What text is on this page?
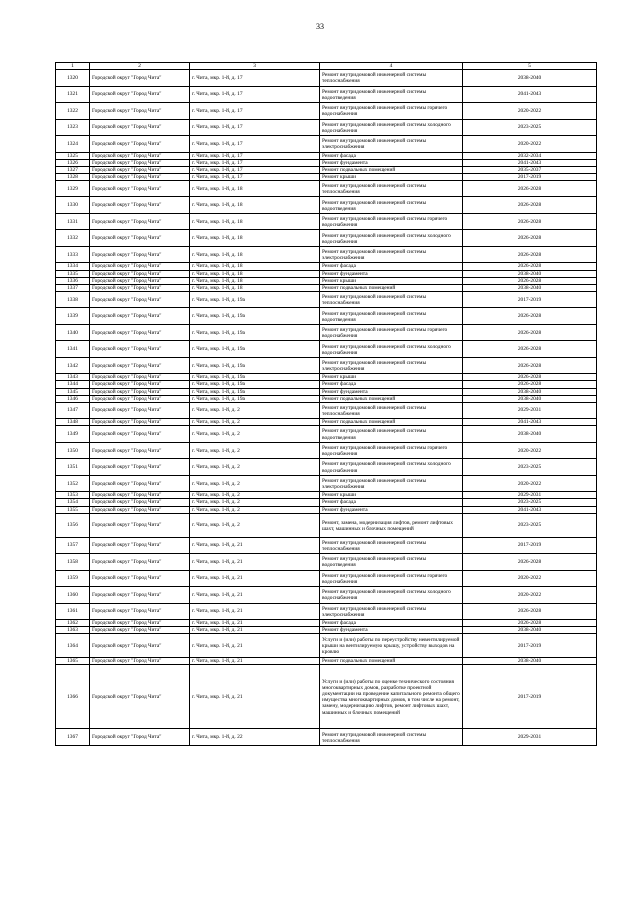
33
1	2	3	4	5
1320	Городской округ "Город Чита"	г. Чита, мкр. 1-й, д. 17	Ремонт внутридомовой инженерной системы теплоснабжения	2038-2040
1321	Городской округ "Город Чита"	г. Чита, мкр. 1-й, д. 17	Ремонт внутридомовой инженерной системы водоотведения	2041-2043
1322	Городской округ "Город Чита"	г. Чита, мкр. 1-й, д. 17	Ремонт внутридомовой инженерной системы горячего водоснабжения	2020-2022
1323	Городской округ "Город Чита"	г. Чита, мкр. 1-й, д. 17	Ремонт внутридомовой инженерной системы холодного водоснабжения	2023-2025
1324	Городской округ "Город Чита"	г. Чита, мкр. 1-й, д. 17	Ремонт внутридомовой инженерной системы электроснабжения	2020-2022
1325	Городской округ "Город Чита"	г. Чита, мкр. 1-й, д. 17	Ремонт фасада	2032-2034
1326	Городской округ "Город Чита"	г. Чита, мкр. 1-й, д. 17	Ремонт фундамента	2041-2043
1327	Городской округ "Город Чита"	г. Чита, мкр. 1-й, д. 17	Ремонт подвальных помещений	2035-2037
1328	Городской округ "Город Чита"	г. Чита, мкр. 1-й, д. 17	Ремонт крыши	2017-2019
1329	Городской округ "Город Чита"	г. Чита, мкр. 1-й, д. 18	Ремонт внутридомовой инженерной системы теплоснабжения	2026-2028
1330	Городской округ "Город Чита"	г. Чита, мкр. 1-й, д. 18	Ремонт внутридомовой инженерной системы водоотведения	2026-2028
1331	Городской округ "Город Чита"	г. Чита, мкр. 1-й, д. 18	Ремонт внутридомовой инженерной системы горячего водоснабжения	2026-2028
1332	Городской округ "Город Чита"	г. Чита, мкр. 1-й, д. 18	Ремонт внутридомовой инженерной системы холодного водоснабжения	2026-2028
1333	Городской округ "Город Чита"	г. Чита, мкр. 1-й, д. 18	Ремонт внутридомовой инженерной системы электроснабжения	2026-2028
1334	Городской округ "Город Чита"	г. Чита, мкр. 1-й, д. 18	Ремонт фасада	2026-2028
1335	Городской округ "Город Чита"	г. Чита, мкр. 1-й, д. 18	Ремонт фундамента	2038-2040
1336	Городской округ "Город Чита"	г. Чита, мкр. 1-й, д. 18	Ремонт крыши	2026-2028
1337	Городской округ "Город Чита"	г. Чита, мкр. 1-й, д. 18	Ремонт подвальных помещений	2038-2040
1338	Городской округ "Город Чита"	г. Чита, мкр. 1-й, д. 19а	Ремонт внутридомовой инженерной системы теплоснабжения	2017-2019
1339	Городской округ "Город Чита"	г. Чита, мкр. 1-й, д. 19а	Ремонт внутридомовой инженерной системы водоотведения	2026-2028
1340	Городской округ "Город Чита"	г. Чита, мкр. 1-й, д. 19а	Ремонт внутридомовой инженерной системы горячего водоснабжения	2026-2028
1341	Городской округ "Город Чита"	г. Чита, мкр. 1-й, д. 19а	Ремонт внутридомовой инженерной системы холодного водоснабжения	2026-2028
1342	Городской округ "Город Чита"	г. Чита, мкр. 1-й, д. 19а	Ремонт внутридомовой инженерной системы электроснабжения	2026-2028
1343	Городской округ "Город Чита"	г. Чита, мкр. 1-й, д. 19а	Ремонт крыши	2026-2028
1344	Городской округ "Город Чита"	г. Чита, мкр. 1-й, д. 19а	Ремонт фасада	2026-2028
1345	Городской округ "Город Чита"	г. Чита, мкр. 1-й, д. 19а	Ремонт фундамента	2038-2040
1346	Городской округ "Город Чита"	г. Чита, мкр. 1-й, д. 19а	Ремонт подвальных помещений	2038-2040
1347	Городской округ "Город Чита"	г. Чита, мкр. 1-й, д. 2	Ремонт внутридомовой инженерной системы теплоснабжения	2029-2031
1348	Городской округ "Город Чита"	г. Чита, мкр. 1-й, д. 2	Ремонт подвальных помещений	2041-2043
1349	Городской округ "Город Чита"	г. Чита, мкр. 1-й, д. 2	Ремонт внутридомовой инженерной системы водоотведения	2038-2040
1350	Городской округ "Город Чита"	г. Чита, мкр. 1-й, д. 2	Ремонт внутридомовой инженерной системы горячего водоснабжения	2020-2022
1351	Городской округ "Город Чита"	г. Чита, мкр. 1-й, д. 2	Ремонт внутридомовой инженерной системы холодного водоснабжения	2023-2025
1352	Городской округ "Город Чита"	г. Чита, мкр. 1-й, д. 2	Ремонт внутридомовой инженерной системы электроснабжения	2020-2022
1353	Городской округ "Город Чита"	г. Чита, мкр. 1-й, д. 2	Ремонт крыши	2029-2031
1354	Городской округ "Город Чита"	г. Чита, мкр. 1-й, д. 2	Ремонт фасада	2023-2025
1355	Городской округ "Город Чита"	г. Чита, мкр. 1-й, д. 2	Ремонт фундамента	2041-2043
1356	Городской округ "Город Чита"	г. Чита, мкр. 1-й, д. 2	Ремонт, замена, модернизация лифтов, ремонт лифтовых шахт, машинных и блочных помещений	2023-2025
1357	Городской округ "Город Чита"	г. Чита, мкр. 1-й, д. 21	Ремонт внутридомовой инженерной системы теплоснабжения	2017-2019
1358	Городской округ "Город Чита"	г. Чита, мкр. 1-й, д. 21	Ремонт внутридомовой инженерной системы водоотведения	2026-2028
1359	Городской округ "Город Чита"	г. Чита, мкр. 1-й, д. 21	Ремонт внутридомовой инженерной системы горячего водоснабжения	2020-2022
1360	Городской округ "Город Чита"	г. Чита, мкр. 1-й, д. 21	Ремонт внутридомовой инженерной системы холодного водоснабжения	2020-2022
1361	Городской округ "Город Чита"	г. Чита, мкр. 1-й, д. 21	Ремонт внутридомовой инженерной системы электроснабжения	2026-2028
1362	Городской округ "Город Чита"	г. Чита, мкр. 1-й, д. 21	Ремонт фасада	2026-2028
1363	Городской округ "Город Чита"	г. Чита, мкр. 1-й, д. 21	Ремонт фундамента	2038-2040
1364	Городской округ "Город Чита"	г. Чита, мкр. 1-й, д. 21	Услуги и (или) работы по переустройству невентилируемой крыши на вентилируемую крышу, устройству выходов на кровлю	2017-2019
1365	Городской округ "Город Чита"	г. Чита, мкр. 1-й, д. 21	Ремонт подвальных помещений	2038-2040
1366	Городской округ "Город Чита"	г. Чита, мкр. 1-й, д. 21	Услуги и (или) работы по оценке технического состояния многоквартирных домов, разработке проектной документации на проведение капитального ремонта общего имущества многоквартирных домов, в том числе на ремонт, замену, модернизацию лифтов, ремонт лифтовых шахт, машинных и блочных помещений	2017-2019
1367	Городской округ "Город Чита"	г. Чита, мкр. 1-й, д. 22	Ремонт внутридомовой инженерной системы теплоснабжения	2029-2031
